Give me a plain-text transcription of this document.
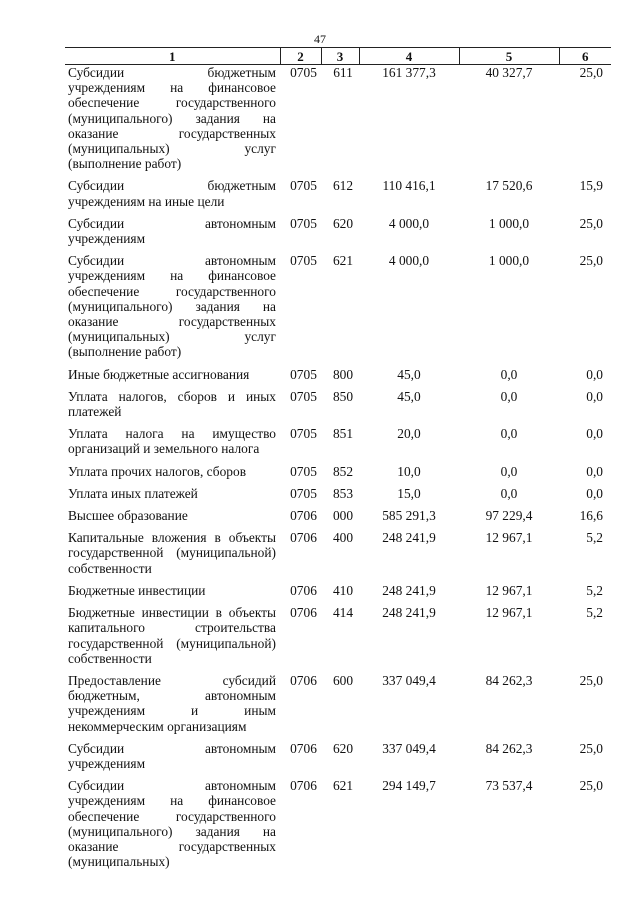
47
1	2	3	4	5	6
Субсидии бюджетным учреждениям на финансовое обеспечение государственного (муниципального) задания на оказание государственных (муниципальных) услуг (выполнение работ)	0705	611	161 377,3	40 327,7	25,0
Субсидии бюджетным учреждениям на иные цели	0705	612	110 416,1	17 520,6	15,9
Субсидии автономным учреждениям	0705	620	4 000,0	1 000,0	25,0
Субсидии автономным учреждениям на финансовое обеспечение государственного (муниципального) задания на оказание государственных (муниципальных) услуг (выполнение работ)	0705	621	4 000,0	1 000,0	25,0
Иные бюджетные ассигнования	0705	800	45,0	0,0	0,0
Уплата налогов, сборов и иных платежей	0705	850	45,0	0,0	0,0
Уплата налога на имущество организаций и земельного налога	0705	851	20,0	0,0	0,0
Уплата прочих налогов, сборов	0705	852	10,0	0,0	0,0
Уплата иных платежей	0705	853	15,0	0,0	0,0
Высшее образование	0706	000	585 291,3	97 229,4	16,6
Капитальные вложения в объекты государственной (муниципальной) собственности	0706	400	248 241,9	12 967,1	5,2
Бюджетные инвестиции	0706	410	248 241,9	12 967,1	5,2
Бюджетные инвестиции в объекты капитального строительства государственной (муниципальной) собственности	0706	414	248 241,9	12 967,1	5,2
Предоставление субсидий бюджетным, автономным учреждениям и иным некоммерческим организациям	0706	600	337 049,4	84 262,3	25,0
Субсидии автономным учреждениям	0706	620	337 049,4	84 262,3	25,0
Субсидии автономным учреждениям на финансовое обеспечение государственного (муниципального) задания на оказание государственных (муниципальных)	0706	621	294 149,7	73 537,4	25,0
